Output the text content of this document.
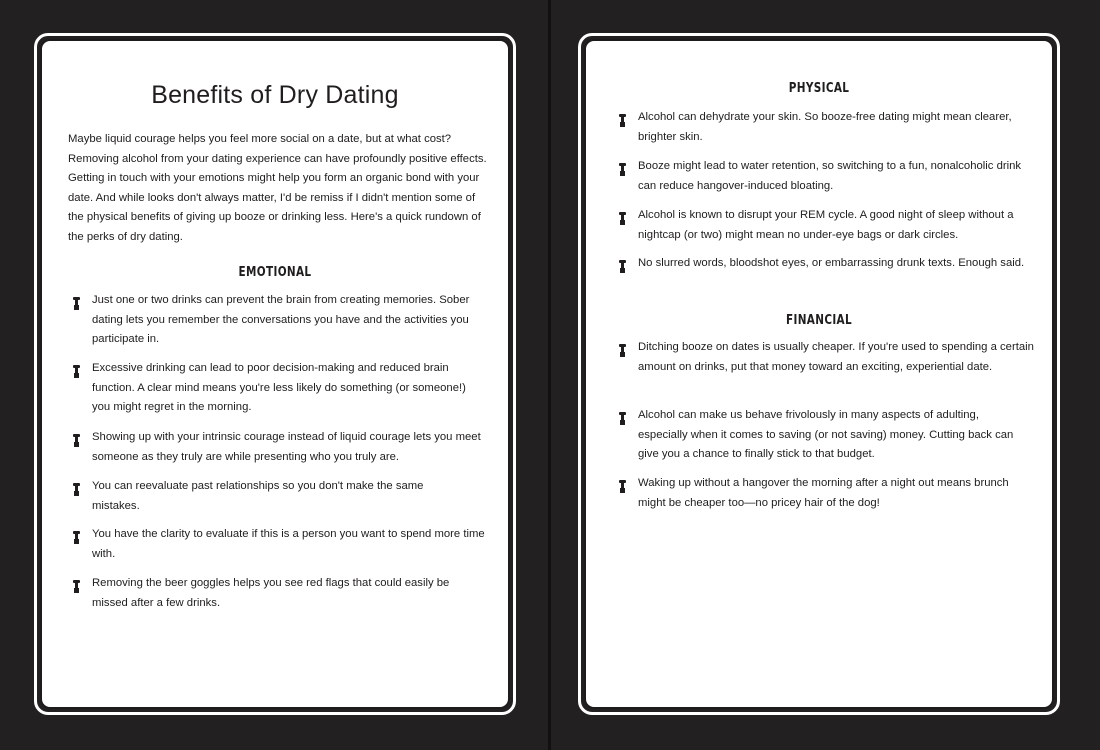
Benefits of Dry Dating

Maybe liquid courage helps you feel more social on a date, but at what cost? Removing alcohol from your dating experience can have profoundly positive effects. Getting in touch with your emotions might help you form an organic bond with your date. And while looks don't always matter, I'd be remiss if I didn't mention some of the physical benefits of giving up booze or drinking less. Here's a quick rundown of the perks of dry dating.

EMOTIONAL
Just one or two drinks can prevent the brain from creating memories. Sober dating lets you remember the conversations you have and the activities you participate in.
Excessive drinking can lead to poor decision-making and reduced brain function. A clear mind means you're less likely do something (or someone!) you might regret in the morning.
Showing up with your intrinsic courage instead of liquid courage lets you meet someone as they truly are while presenting who you truly are.
You can reevaluate past relationships so you don't make the same mistakes.
You have the clarity to evaluate if this is a person you want to spend more time with.
Removing the beer goggles helps you see red flags that could easily be missed after a few drinks.
PHYSICAL
Alcohol can dehydrate your skin. So booze-free dating might mean clearer, brighter skin.
Booze might lead to water retention, so switching to a fun, nonalcoholic drink can reduce hangover-induced bloating.
Alcohol is known to disrupt your REM cycle. A good night of sleep without a nightcap (or two) might mean no under-eye bags or dark circles.
No slurred words, bloodshot eyes, or embarrassing drunk texts. Enough said.
FINANCIAL
Ditching booze on dates is usually cheaper. If you're used to spending a certain amount on drinks, put that money toward an exciting, experiential date.
Alcohol can make us behave frivolously in many aspects of adulting, especially when it comes to saving (or not saving) money. Cutting back can give you a chance to finally stick to that budget.
Waking up without a hangover the morning after a night out means brunch might be cheaper too—no pricey hair of the dog!
